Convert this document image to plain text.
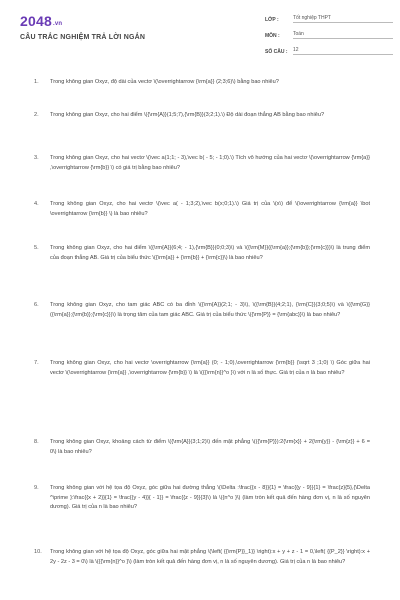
2048.vn
CÂU TRẮC NGHIỆM TRẢ LỜI NGẮN
LỚP :	Tốt nghiệp THPT
MÔN :	Toán
SỐ CÂU :	12
1.	Trong không gian Oxyz, độ dài của vectơ \(\overrightarrow {\rm{a}} (2;3;6)\) bằng bao nhiêu?
2.	Trong không gian Oxyz, cho hai điểm \({\rm{A}}(1;5;7),{\rm{B}}(3;2;1).\) Độ dài đoạn thẳng AB bằng bao nhiêu?
3.	Trong không gian Oxyz, cho hai vectơ \(\vec a(1;1; - 3),\vec b( - 5; - 1;0).\) Tích vô hướng của hai vectơ \(\overrightarrow {\rm{a}} ,\overrightarrow {\rm{b}} \) có giá trị bằng bao nhiêu?
4.	Trong không gian Oxyz, cho hai vectơ \(\vec a( - 1;3;2),\vec b(x;0;1).\) Giá trị của \(x\) để \(\overrightarrow {\rm{a}} \bot \overrightarrow {\rm{b}} \) là bao nhiêu?
5.	Trong không gian Oxyz, cho hai điểm \({\rm{A}}(6;4; - 1),{\rm{B}}(0;0;3)\) và \({\rm{M}}({\rm{a}};{\rm{b}};{\rm{c}})\) là trung điểm của đoạn thẳng AB. Giá trị của biểu thức \({\rm{a}} + {\rm{b}} + {\rm{c}}\) là bao nhiêu?
6.	Trong không gian Oxyz, cho tam giác ABC có ba đỉnh \({\rm{A}}(2;1; - 3)\), \({\rm{B}}(4;2;1), {\rm{C}}(3;0;5)\) và \({\rm{G}}({\rm{a}};{\rm{b}};{\rm{c}})\) là trọng tâm của tam giác ABC. Giá trị của biểu thức \({\rm{P}} = {\rm{abc}}\) là bao nhiêu?
7.	Trong không gian Oxyz, cho hai vectơ \overrightarrow {\rm{a}} (0; - 1;0),\overrightarrow {\rm{b}} (\sqrt 3 ;1;0) \) Góc giữa hai vectơ \(\overrightarrow {\rm{a}} ,\overrightarrow {\rm{b}} \) là \({{\rm{n}}^o }\) với n là số thực. Giá trị của n là bao nhiêu?
8.	Trong không gian Oxyz, khoảng cách từ điểm \({\rm{A}}(3;1;2)\) đến mặt phẳng \(({\rm{P}}):2{\rm{x}} + 2{\rm{y}} - {\rm{z}} + 6 = 0\) là bao nhiêu?
9.	Trong không gian với hệ tọa độ Oxyz, góc giữa hai đường thẳng \(\Delta :\frac{{x - 8}}{1} = \frac{{y - 9}}{1} = \frac{z}{5},{\Delta ^\prime }:\frac{{x + 2}}{1} = \frac{{y - 4}}{ - 1}} = \frac{{z - 9}}{3}\) là \({n^o }\) (làm tròn kết quả đến hàng đơn vị, n là số nguyên dương). Giá trị của n là bao nhiêu?
10.	Trong không gian với hệ tọa độ Oxyz, góc giữa hai mặt phẳng \(\left( {{\rm{P}}_1}} \right):x + y + z - 1 = 0,\left( {{P_2}} \right):x + 2y - 2z - 3 = 0\) là \({{\rm{n}}^o }\) (làm tròn kết quả đến hàng đơn vị, n là số nguyên dương). Giá trị của n là bao nhiêu?
